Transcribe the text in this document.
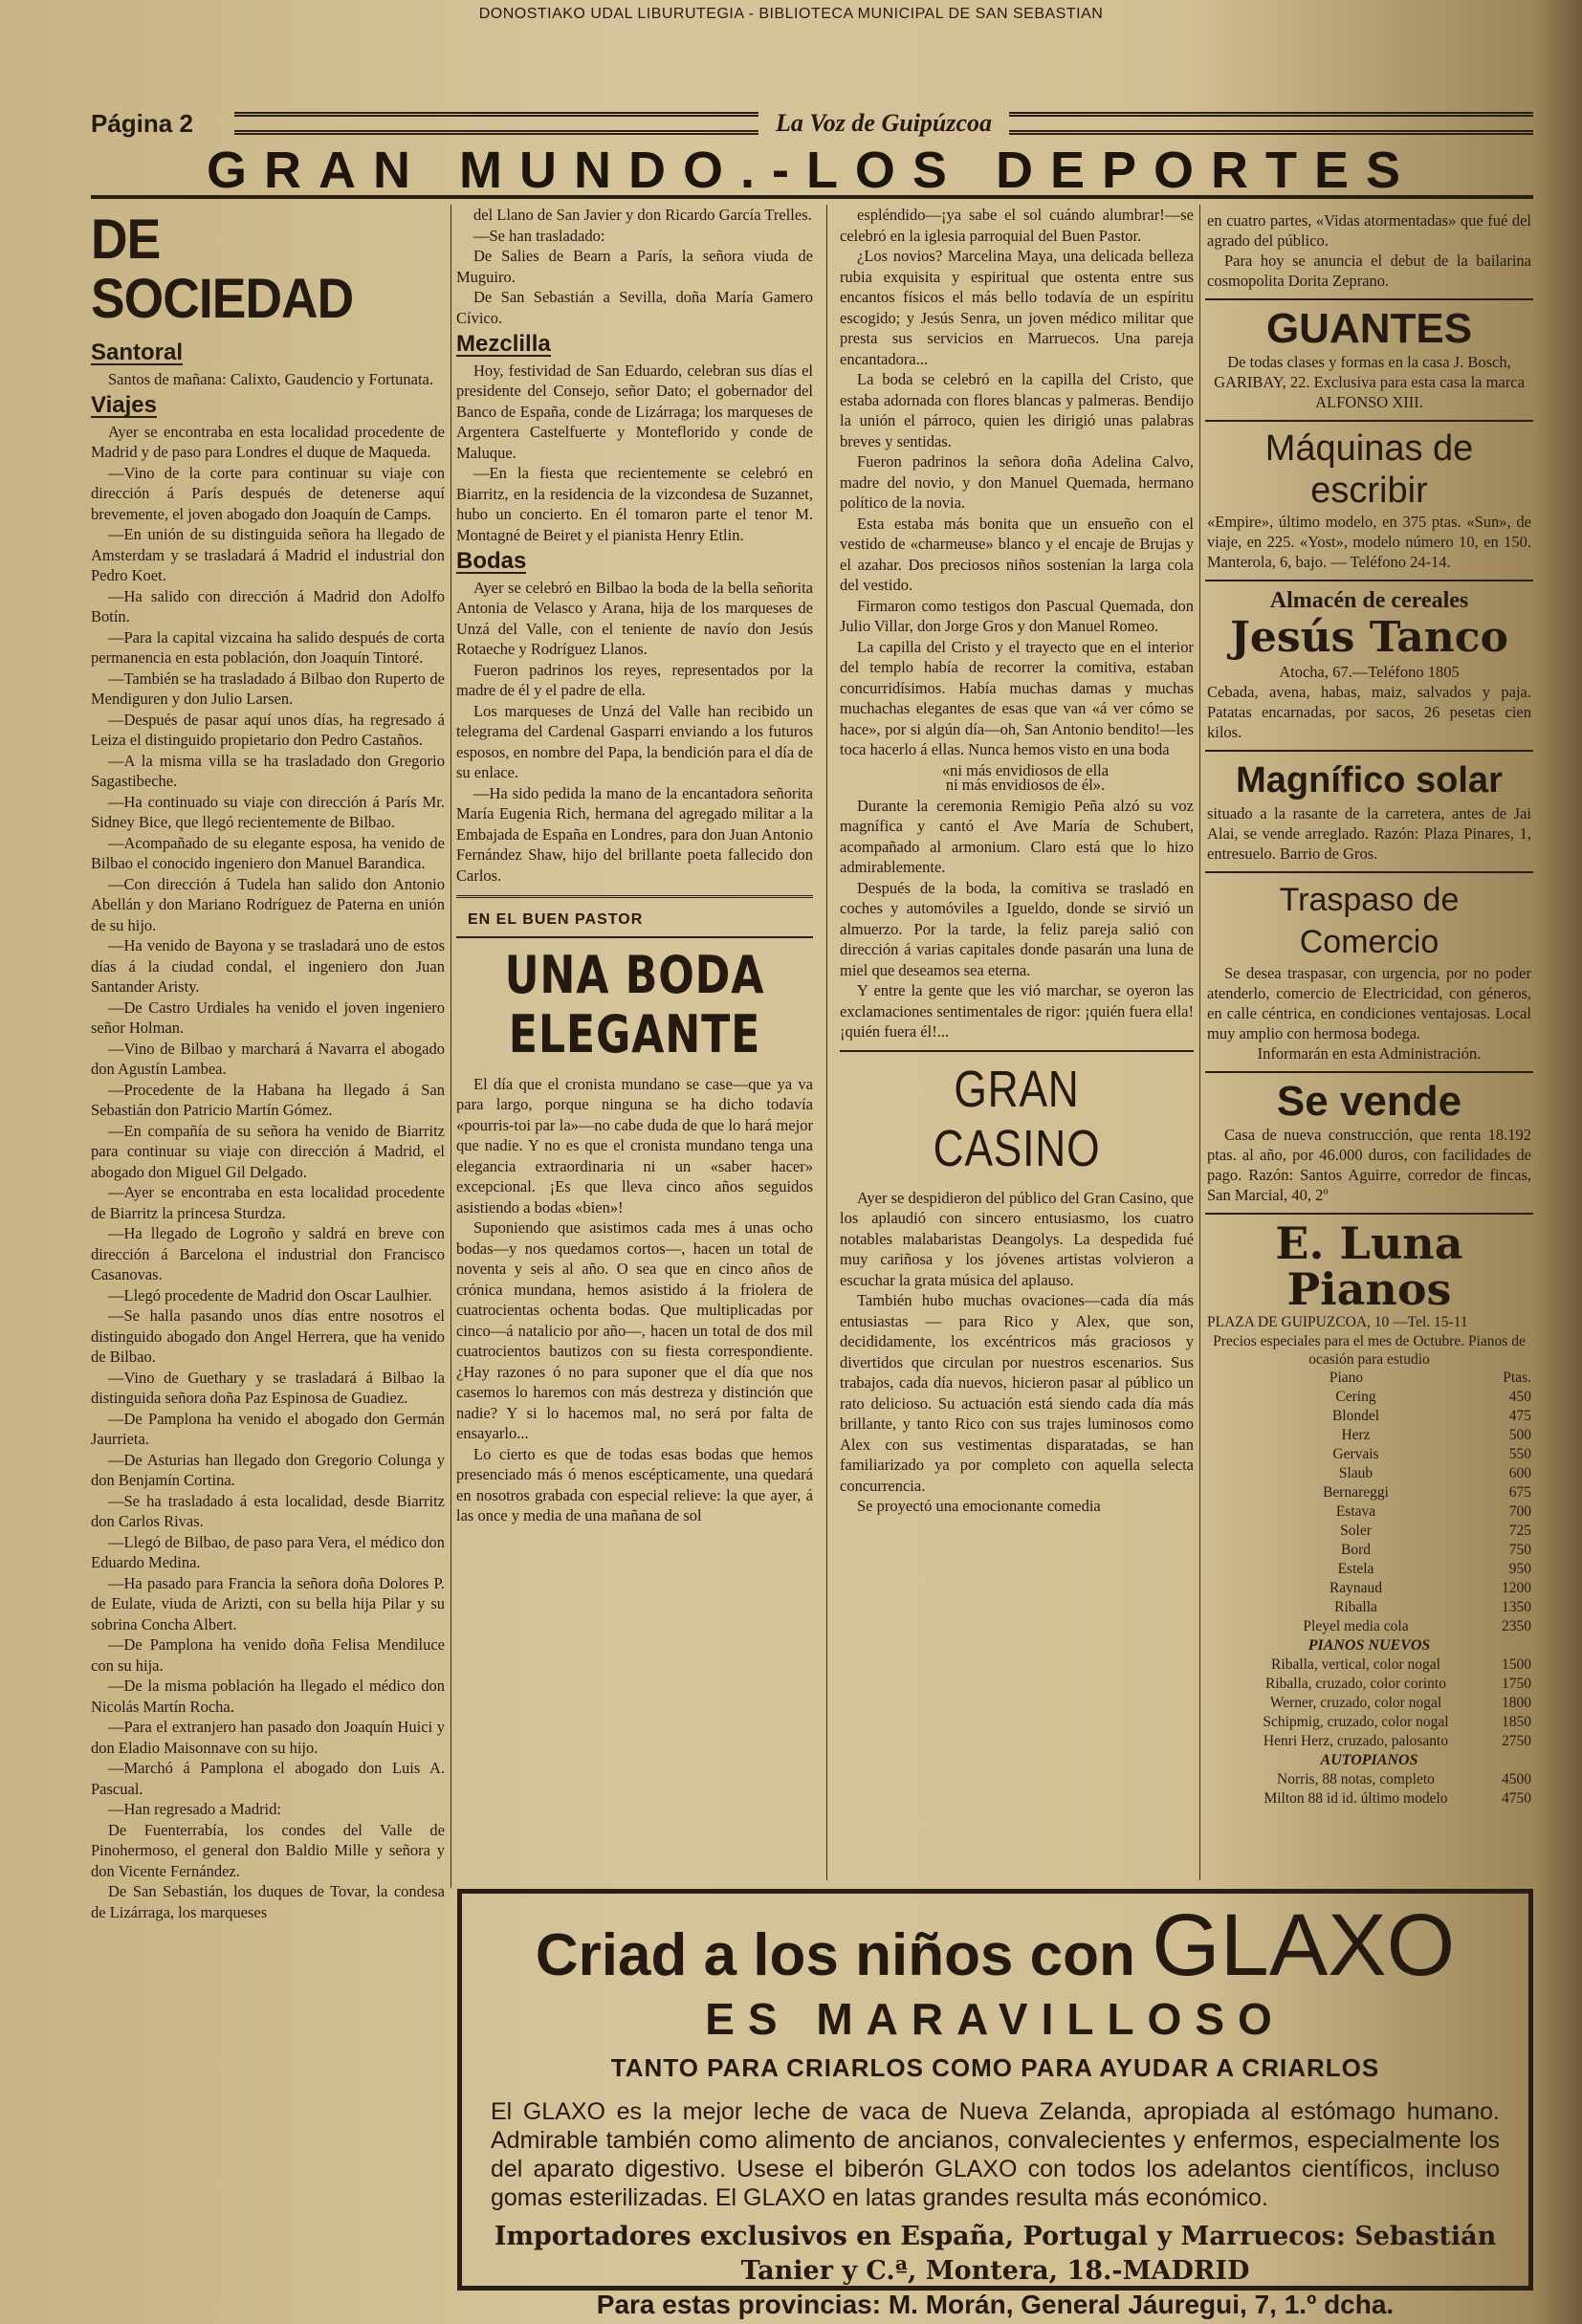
DONOSTIAKO UDAL LIBURUTEGIA - BIBLIOTECA MUNICIPAL DE SAN SEBASTIAN
Página 2	La Voz de Guipúzcoa
GRAN MUNDO.-LOS DEPORTES
DE SOCIEDAD
Santoral

Santos de mañana: Calixto, Gaudencio y Fortunata.

Viajes

Ayer se encontraba en esta localidad procedente de Madrid y de paso para Londres el duque de Maqueda.

—Vino de la corte para continuar su viaje con dirección á París después de detenerse aquí brevemente, el joven abogado don Joaquín de Camps.

—En unión de su distinguida señora ha llegado de Amsterdam y se trasladará á Madrid el industrial don Pedro Koet.

—Ha salido con dirección á Madrid don Adolfo Botín.

—Para la capital vizcaina ha salido después de corta permanencia en esta población, don Joaquín Tintoré.

—También se ha trasladado á Bilbao don Ruperto de Mendiguren y don Julio Larsen.

—Después de pasar aquí unos días, ha regresado á Leiza el distinguido propietario don Pedro Castaños.

—A la misma villa se ha trasladado don Gregorio Sagastibeche.

—Ha continuado su viaje con dirección á París Mr. Sidney Bice, que llegó recientemente de Bilbao.

—Acompañado de su elegante esposa, ha venido de Bilbao el conocido ingeniero don Manuel Barandica.

—Con dirección á Tudela han salido don Antonio Abellán y don Mariano Rodríguez de Paterna en unión de su hijo.

—Ha venido de Bayona y se trasladará uno de estos días á la ciudad condal, el ingeniero don Juan Santander Aristy.

—De Castro Urdiales ha venido el joven ingeniero señor Holman.

—Vino de Bilbao y marchará á Navarra el abogado don Agustín Lambea.

—Procedente de la Habana ha llegado á San Sebastián don Patricio Martín Gómez.

—En compañía de su señora ha venido de Biarritz para continuar su viaje con dirección á Madrid, el abogado don Miguel Gil Delgado.

—Ayer se encontraba en esta localidad procedente de Biarritz la princesa Sturdza.

—Ha llegado de Logroño y saldrá en breve con dirección á Barcelona el industrial don Francisco Casanovas.

—Llegó procedente de Madrid don Oscar Laulhier.

—Se halla pasando unos días entre nosotros el distinguido abogado don Angel Herrera, que ha venido de Bilbao.

—Vino de Guethary y se trasladará á Bilbao la distinguida señora doña Paz Espinosa de Guadiez.

—De Pamplona ha venido el abogado don Germán Jaurrieta.

—De Asturias han llegado don Gregorio Colunga y don Benjamín Cortina.

—Se ha trasladado á esta localidad, desde Biarritz don Carlos Rivas.

—Llegó de Bilbao, de paso para Vera, el médico don Eduardo Medina.

—Ha pasado para Francia la señora doña Dolores P. de Eulate, viuda de Arizti, con su bella hija Pilar y su sobrina Concha Albert.

—De Pamplona ha venido doña Felisa Mendiluce con su hija.

—De la misma población ha llegado el médico don Nicolás Martín Rocha.

—Para el extranjero han pasado don Joaquín Huici y don Eladio Maisonnave con su hijo.

—Marchó á Pamplona el abogado don Luis A. Pascual.

—Han regresado a Madrid:

De Fuenterrabía, los condes del Valle de Pinohermoso, el general don Baldio Mille y señora y don Vicente Fernández.

De San Sebastián, los duques de Tovar, la condesa de Lizárraga, los marqueses

del Llano de San Javier y don Ricardo García Trelles.

—Se han trasladado:

De Salies de Bearn a París, la señora viuda de Muguiro.

De San Sebastián a Sevilla, doña María Gamero Cívico.

Mezclilla

Hoy, festividad de San Eduardo, celebran sus días el presidente del Consejo, señor Dato; el gobernador del Banco de España, conde de Lizárraga; los marqueses de Argentera Castelfuerte y Monteflorido y conde de Maluque.

—En la fiesta que recientemente se celebró en Biarritz, en la residencia de la vizcondesa de Suzannet, hubo un concierto. En él tomaron parte el tenor M. Montagné de Beiret y el pianista Henry Etlin.

Bodas

Ayer se celebró en Bilbao la boda de la bella señorita Antonia de Velasco y Arana, hija de los marqueses de Unzá del Valle, con el teniente de navío don Jesús Rotaeche y Rodríguez Llanos.

Fueron padrinos los reyes, representados por la madre de él y el padre de ella.

Los marqueses de Unzá del Valle han recibido un telegrama del Cardenal Gasparri enviando a los futuros esposos, en nombre del Papa, la bendición para el día de su enlace.

—Ha sido pedida la mano de la encantadora señorita María Eugenia Rich, hermana del agregado militar a la Embajada de España en Londres, para don Juan Antonio Fernández Shaw, hijo del brillante poeta fallecido don Carlos.

EN EL BUEN PASTOR
UNA BODA ELEGANTE

El día que el cronista mundano se case—que ya va para largo, porque ninguna se ha dicho todavía «pourris-toi par la»—no cabe duda de que lo hará mejor que nadie. Y no es que el cronista mundano tenga una elegancia extraordinaria ni un «saber hacer» excepcional. ¡Es que lleva cinco años seguidos asistiendo a bodas «bien»!

Suponiendo que asistimos cada mes á unas ocho bodas—y nos quedamos cortos—, hacen un total de noventa y seis al año. O sea que en cinco años de crónica mundana, hemos asistido á la friolera de cuatrocientas ochenta bodas. Que multiplicadas por cinco—á natalicio por año—, hacen un total de dos mil cuatrocientos bautizos con su fiesta correspondiente. ¿Hay razones ó no para suponer que el día que nos casemos lo haremos con más destreza y distinción que nadie? Y si lo hacemos mal, no será por falta de ensayarlo...

Lo cierto es que de todas esas bodas que hemos presenciado más ó menos escépticamente, una quedará en nosotros grabada con especial relieve: la que ayer, á las once y media de una mañana de sol

espléndido—¡ya sabe el sol cuándo alumbrar!—se celebró en la iglesia parroquial del Buen Pastor.

¿Los novios? Marcelina Maya, una delicada belleza rubia exquisita y espiritual que ostenta entre sus encantos físicos el más bello todavía de un espíritu escogido; y Jesús Senra, un joven médico militar que presta sus servicios en Marruecos. Una pareja encantadora...

La boda se celebró en la capilla del Cristo, que estaba adornada con flores blancas y palmeras. Bendijo la unión el párroco, quien les dirigió unas palabras breves y sentidas.

Fueron padrinos la señora doña Adelina Calvo, madre del novio, y don Manuel Quemada, hermano político de la novia.

Esta estaba más bonita que un ensueño con el vestido de «charmeuse» blanco y el encaje de Brujas y el azahar. Dos preciosos niños sostenían la larga cola del vestido.

Firmaron como testigos don Pascual Quemada, don Julio Villar, don Jorge Gros y don Manuel Romeo.

La capilla del Cristo y el trayecto que en el interior del templo había de recorrer la comitiva, estaban concurridísimos. Había muchas damas y muchas muchachas elegantes de esas que van «á ver cómo se hace», por si algún día—oh, San Antonio bendito!—les toca hacerlo á ellas. Nunca hemos visto en una boda

«ni más envidiosos de ella

ni más envidiosos de él».

Durante la ceremonia Remigio Peña alzó su voz magnífica y cantó el Ave María de Schubert, acompañado al armonium. Claro está que lo hizo admirablemente.

Después de la boda, la comitiva se trasladó en coches y automóviles a Igueldo, donde se sirvió un almuerzo. Por la tarde, la feliz pareja salió con dirección á varias capitales donde pasarán una luna de miel que deseamos sea eterna.

Y entre la gente que les vió marchar, se oyeron las exclamaciones sentimentales de rigor: ¡quién fuera ella! ¡quién fuera él!...

GRAN CASINO

Ayer se despidieron del público del Gran Casino, que los aplaudió con sincero entusiasmo, los cuatro notables malabaristas Deangolys. La despedida fué muy cariñosa y los jóvenes artistas volvieron a escuchar la grata música del aplauso.

También hubo muchas ovaciones—cada día más entusiastas — para Rico y Alex, que son, decididamente, los excéntricos más graciosos y divertidos que circulan por nuestros escenarios. Sus trabajos, cada día nuevos, hicieron pasar al público un rato delicioso. Su actuación está siendo cada día más brillante, y tanto Rico con sus trajes luminosos como Alex con sus vestimentas disparatadas, se han familiarizado ya por completo con aquella selecta concurrencia.

Se proyectó una emocionante comedia

en cuatro partes, «Vidas atormentadas» que fué del agrado del público.
Para hoy se anuncia el debut de la bailarina cosmopolita Dorita Zeprano.
GUANTES
De todas clases y formas en la casa J. Bosch, GARIBAY, 22. Exclusiva para esta casa la marca ALFONSO XIII.
Máquinas de escribir
«Empire», último modelo, en 375 ptas. «Sun», de viaje, en 225. «Yost», modelo número 10, en 150. Manterola, 6, bajo. — Teléfono 24-14.
Almacén de cereales
Jesús Tanco
Atocha, 67.—Teléfono 1805
Cebada, avena, habas, maiz, salvados y paja. Patatas encarnadas, por sacos, 26 pesetas cien kilos.
Magnífico solar
situado a la rasante de la carretera, antes de Jai Alai, se vende arreglado. Razón: Plaza Pinares, 1, entresuelo. Barrio de Gros.
Traspaso de Comercio
Se desea traspasar, con urgencia, por no poder atenderlo, comercio de Electricidad, con géneros, en calle céntrica, en condiciones ventajosas. Local muy amplio con hermosa bodega.
Informarán en esta Administración.
Se vende
Casa de nueva construcción, que renta 18.192 ptas. al año, por 46.000 duros, con facilidades de pago. Razón: Santos Aguirre, corredor de fincas, San Marcial, 40, 2º
E. Luna Pianos
PLAZA DE GUIPUZCOA, 10 —Tel. 15-11
Precios especiales para el mes de Octubre. Pianos de ocasión para estudio
Piano	Ptas.
Cering	450
Blondel	475
Herz	500
Gervais	550
Slaub	600
Bernareggi	675
Estava	700
Soler	725
Bord	750
Estela	950
Raynaud	1200
Riballa	1350
Pleyel media cola	2350
PIANOS NUEVOS	
Riballa, vertical, color nogal	1500
Riballa, cruzado, color corinto	1750
Werner, cruzado, color nogal	1800
Schipmig, cruzado, color nogal	1850
Henri Herz, cruzado, palosanto	2750
AUTOPIANOS	
Norris, 88 notas, completo	4500
Milton 88 id id. último modelo	4750
Criad a los niños con GLAXO
ES MARAVILLOSO
TANTO PARA CRIARLOS COMO PARA AYUDAR A CRIARLOS
El GLAXO es la mejor leche de vaca de Nueva Zelanda, apropiada al estómago humano. Admirable también como alimento de ancianos, convalecientes y enfermos, especialmente los del aparato digestivo. Usese el biberón GLAXO con todos los adelantos científicos, incluso gomas esterilizadas. El GLAXO en latas grandes resulta más económico.
Importadores exclusivos en España, Portugal y Marruecos: Sebastián Tanier y C.ª, Montera, 18.-MADRID
Para estas provincias: M. Morán, General Jáuregui, 7, 1.º dcha.
